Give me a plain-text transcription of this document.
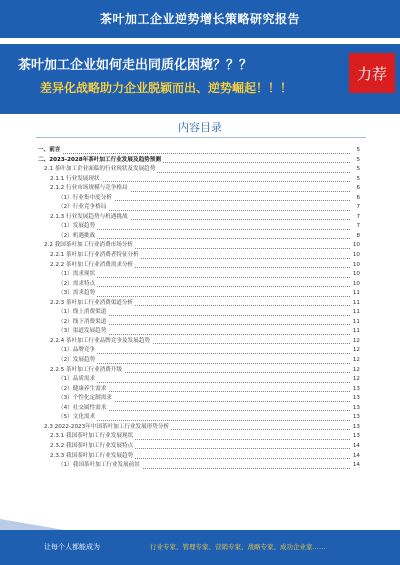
茶叶加工企业逆势增长策略研究报告
茶叶加工企业如何走出同质化困境？？？
差异化战略助力企业脱颖而出、逆势崛起！！！
力荐
内容目录
一、前言	5
二、2023-2028年茶叶加工行业发展及趋势预测	5
2.1 茶叶加工企业面临的行业现状及发展趋势	5
2.1.1 行业发展现状	5
2.1.2 行业市场规模与竞争格局	6
（1）行业集中度分析	6
（2）行业竞争格局	7
2.1.3 行业发展趋势与机遇挑战	7
（1）发展趋势	7
（2）机遇挑战	8
2.2 我国茶叶加工行业消费市场分析	10
2.2.1 茶叶加工行业消费者特征分析	10
2.2.2 茶叶加工行业消费需求分析	10
（1）需求现状	10
（2）需求特点	10
（3）需求趋势	11
2.2.3 茶叶加工行业消费渠道分析	11
（1）线上消费渠道	11
（2）线下消费渠道	11
（3）渠道发展趋势	11
2.2.4 茶叶加工行业品牌竞争及发展趋势	12
（1）品牌竞争	12
（2）发展趋势	12
2.2.5 茶叶加工行业消费升级	12
（1）品质需求	12
（2）健康养生需求	13
（3）个性化定制需求	13
（4）社交属性需求	13
（5）文化需求	13
2.3 2022-2023年中国茶叶加工行业发展形势分析	13
2.3.1 我国茶叶加工行业发展现状	13
2.3.2 我国茶叶加工行业发展特点	14
2.3.3 我国茶叶加工行业发展趋势	14
（1）我国茶叶加工行业发展前景	14
让每个人都能成为	行业专家、管理专家、营销专家、战略专家、成功企业家……
